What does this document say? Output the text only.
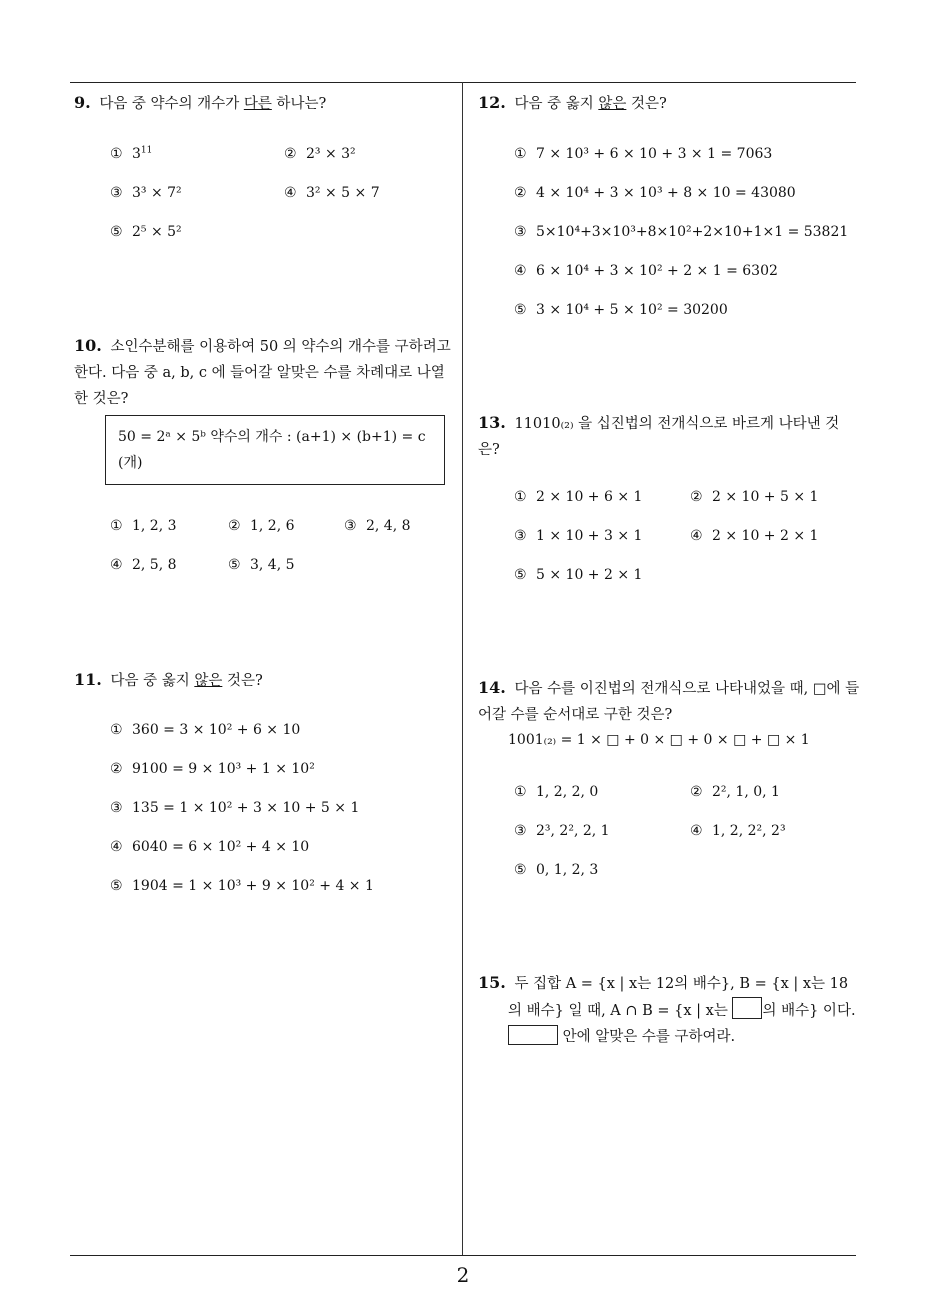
9. 다음 중 약수의 개수가 다른 하나는?
① $3^{11}$	② 2³ × 3²
③ 3³ × 7²	④ 3² × 5 × 7
⑤ 2⁵ × 5²
10. 소인수분해를 이용하여 50 의 약수의 개수를 구하려고 한다. 다음 중 a, b, c 에 들어갈 알맞은 수를 차례대로 나열한 것은?
50 = 2ᵃ × 5ᵇ 약수의 개수 : (a+1) × (b+1) = c (개)
① 1, 2, 3	② 1, 2, 6	③ 2, 4, 8
④ 2, 5, 8	⑤ 3, 4, 5
11. 다음 중 옳지 않은 것은?
① 360 = 3 × 10² + 6 × 10
② 9100 = 9 × 10³ + 1 × 10²
③ 135 = 1 × 10² + 3 × 10 + 5 × 1
④ 6040 = 6 × 10² + 4 × 10
⑤ 1904 = 1 × 10³ + 9 × 10² + 4 × 1
12. 다음 중 옳지 않은 것은?
① 7 × 10³ + 6 × 10 + 3 × 1 = 7063
② 4 × 10⁴ + 3 × 10³ + 8 × 10 = 43080
③ 5×10⁴+3×10³+8×10²+2×10+1×1 = 53821
④ 6 × 10⁴ + 3 × 10² + 2 × 1 = 6302
⑤ 3 × 10⁴ + 5 × 10² = 30200
13. 11010₍₂₎ 을 십진법의 전개식으로 바르게 나타낸 것은?
① 2 × 10 + 6 × 1	② 2 × 10 + 5 × 1
③ 1 × 10 + 3 × 1	④ 2 × 10 + 2 × 1
⑤ 5 × 10 + 2 × 1
14. 다음 수를 이진법의 전개식으로 나타내었을 때, □에 들어갈 수를 순서대로 구한 것은?
1001₍₂₎ = 1 × □ + 0 × □ + 0 × □ + □ × 1
① 1, 2, 2, 0	② 2², 1, 0, 1
③ 2³, 2², 2, 1	④ 1, 2, 2², 2³
⑤ 0, 1, 2, 3
15. 두 집합 A = {x | x는 12의 배수}, B = {x | x는 18
의 배수} 일 때, A ∩ B = {x | x는 의 배수} 이다.
안에 알맞은 수를 구하여라.
2
